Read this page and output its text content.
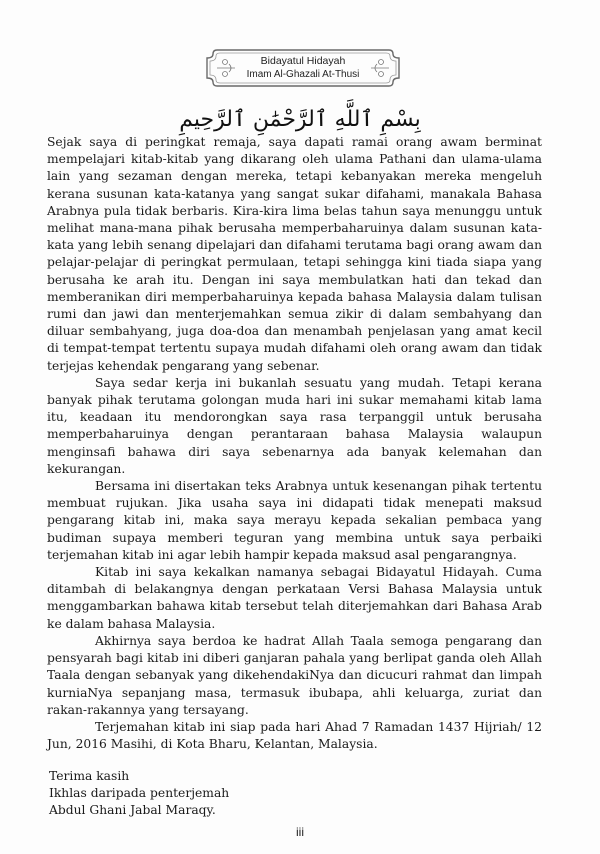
Bidayatul Hidayah
Imam Al-Ghazali At-Thusi
بِسْمِ ٱللَّهِ ٱلرَّحْمَٰنِ ٱلرَّحِيمِ

Sejak saya di peringkat remaja, saya dapati ramai orang awam berminat mempelajari kitab-kitab yang dikarang oleh ulama Pathani dan ulama-ulama lain yang sezaman dengan mereka, tetapi kebanyakan mereka mengeluh kerana susunan kata-katanya yang sangat sukar difahami, manakala Bahasa Arabnya pula tidak berbaris. Kira-kira lima belas tahun saya menunggu untuk melihat mana-mana pihak berusaha memperbaharuinya dalam susunan kata-kata yang lebih senang dipelajari dan difahami terutama bagi orang awam dan pelajar-pelajar di peringkat permulaan, tetapi sehingga kini tiada siapa yang berusaha ke arah itu. Dengan ini saya membulatkan hati dan tekad dan memberanikan diri memperbaharuinya kepada bahasa Malaysia dalam tulisan rumi dan jawi dan menterjemahkan semua zikir di dalam sembahyang dan diluar sembahyang, juga doa-doa dan menambah penjelasan yang amat kecil di tempat-tempat tertentu supaya mudah difahami oleh orang awam dan tidak terjejas kehendak pengarang yang sebenar.

Saya sedar kerja ini bukanlah sesuatu yang mudah. Tetapi kerana banyak pihak terutama golongan muda hari ini sukar memahami kitab lama itu, keadaan itu mendorongkan saya rasa terpanggil untuk berusaha memperbaharuinya dengan perantaraan bahasa Malaysia walaupun menginsafi bahawa diri saya sebenarnya ada banyak kelemahan dan kekurangan.

Bersama ini disertakan teks Arabnya untuk kesenangan pihak tertentu membuat rujukan. Jika usaha saya ini didapati tidak menepati maksud pengarang kitab ini, maka saya merayu kepada sekalian pembaca yang budiman supaya memberi teguran yang membina untuk saya perbaiki terjemahan kitab ini agar lebih hampir kepada maksud asal pengarangnya.

Kitab ini saya kekalkan namanya sebagai Bidayatul Hidayah. Cuma ditambah di belakangnya dengan perkataan Versi Bahasa Malaysia untuk menggambarkan bahawa kitab tersebut telah diterjemahkan dari Bahasa Arab ke dalam bahasa Malaysia.

Akhirnya saya berdoa ke hadrat Allah Taala semoga pengarang dan pensyarah bagi kitab ini diberi ganjaran pahala yang berlipat ganda oleh Allah Taala dengan sebanyak yang dikehendakiNya dan dicucuri rahmat dan limpah kurniaNya sepanjang masa, termasuk ibubapa, ahli keluarga, zuriat dan rakan-rakannya yang tersayang.

Terjemahan kitab ini siap pada hari Ahad 7 Ramadan 1437 Hijriah/ 12 Jun, 2016 Masihi, di Kota Bharu, Kelantan, Malaysia.

Terima kasih
Ikhlas daripada penterjemah
Abdul Ghani Jabal Maraqy.
iii
